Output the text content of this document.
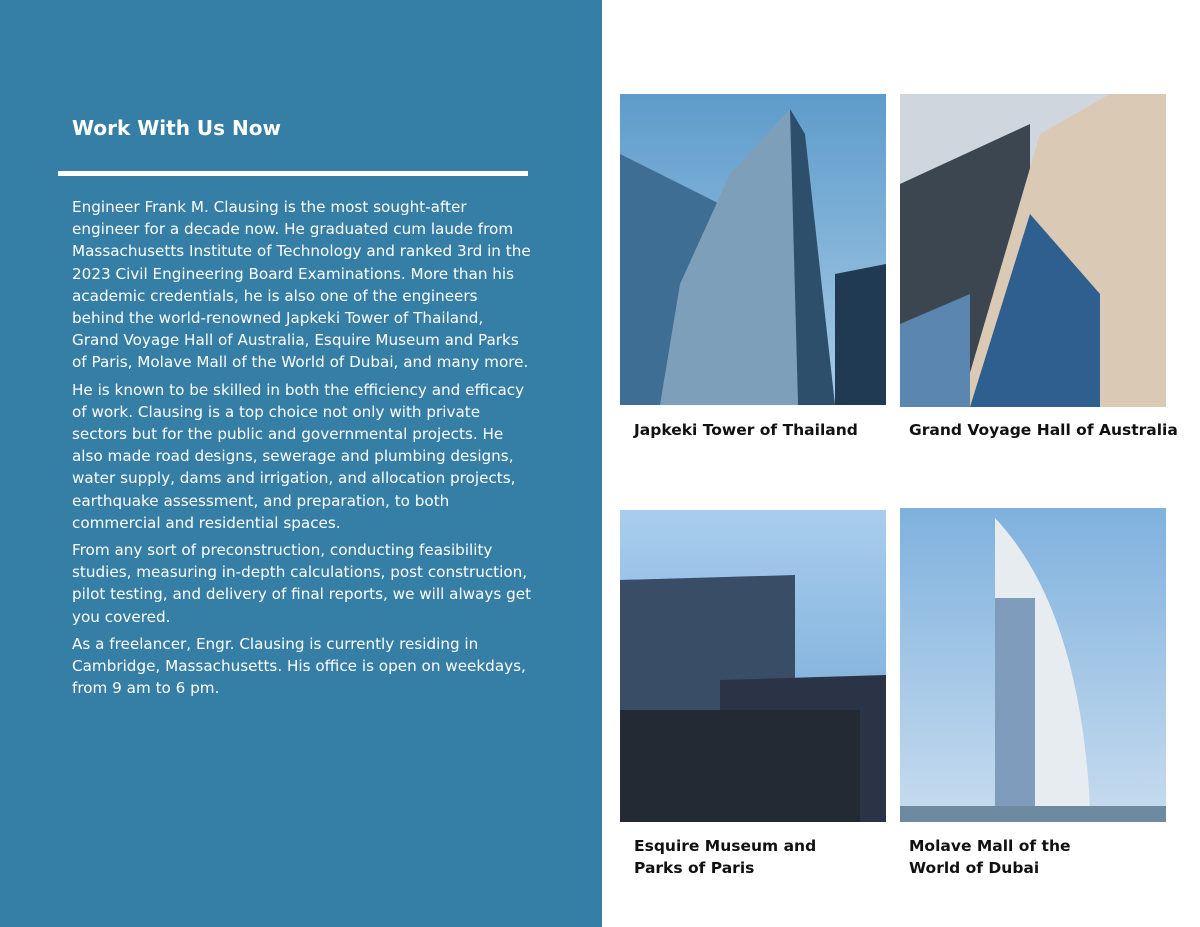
Work With Us Now

Engineer Frank M. Clausing is the most sought-after engineer for a decade now. He graduated cum laude from Massachusetts Institute of Technology and ranked 3rd in the 2023 Civil Engineering Board Examinations. More than his academic credentials, he is also one of the engineers behind the world-renowned Japkeki Tower of Thailand, Grand Voyage Hall of Australia, Esquire Museum and Parks of Paris, Molave Mall of the World of Dubai, and many more.

He is known to be skilled in both the efficiency and efficacy of work. Clausing is a top choice not only with private sectors but for the public and governmental projects. He also made road designs, sewerage and plumbing designs, water supply, dams and irrigation, and allocation projects, earthquake assessment, and preparation, to both commercial and residential spaces.

From any sort of preconstruction, conducting feasibility studies, measuring in-depth calculations, post construction, pilot testing, and delivery of final reports, we will always get you covered.

As a freelancer, Engr. Clausing is currently residing in Cambridge, Massachusetts. His office is open on weekdays, from 9 am to 6 pm.

Japkeki Tower of Thailand	Grand Voyage Hall of Australia
Esquire Museum and Parks of Paris
Molave Mall of the World of Dubai
